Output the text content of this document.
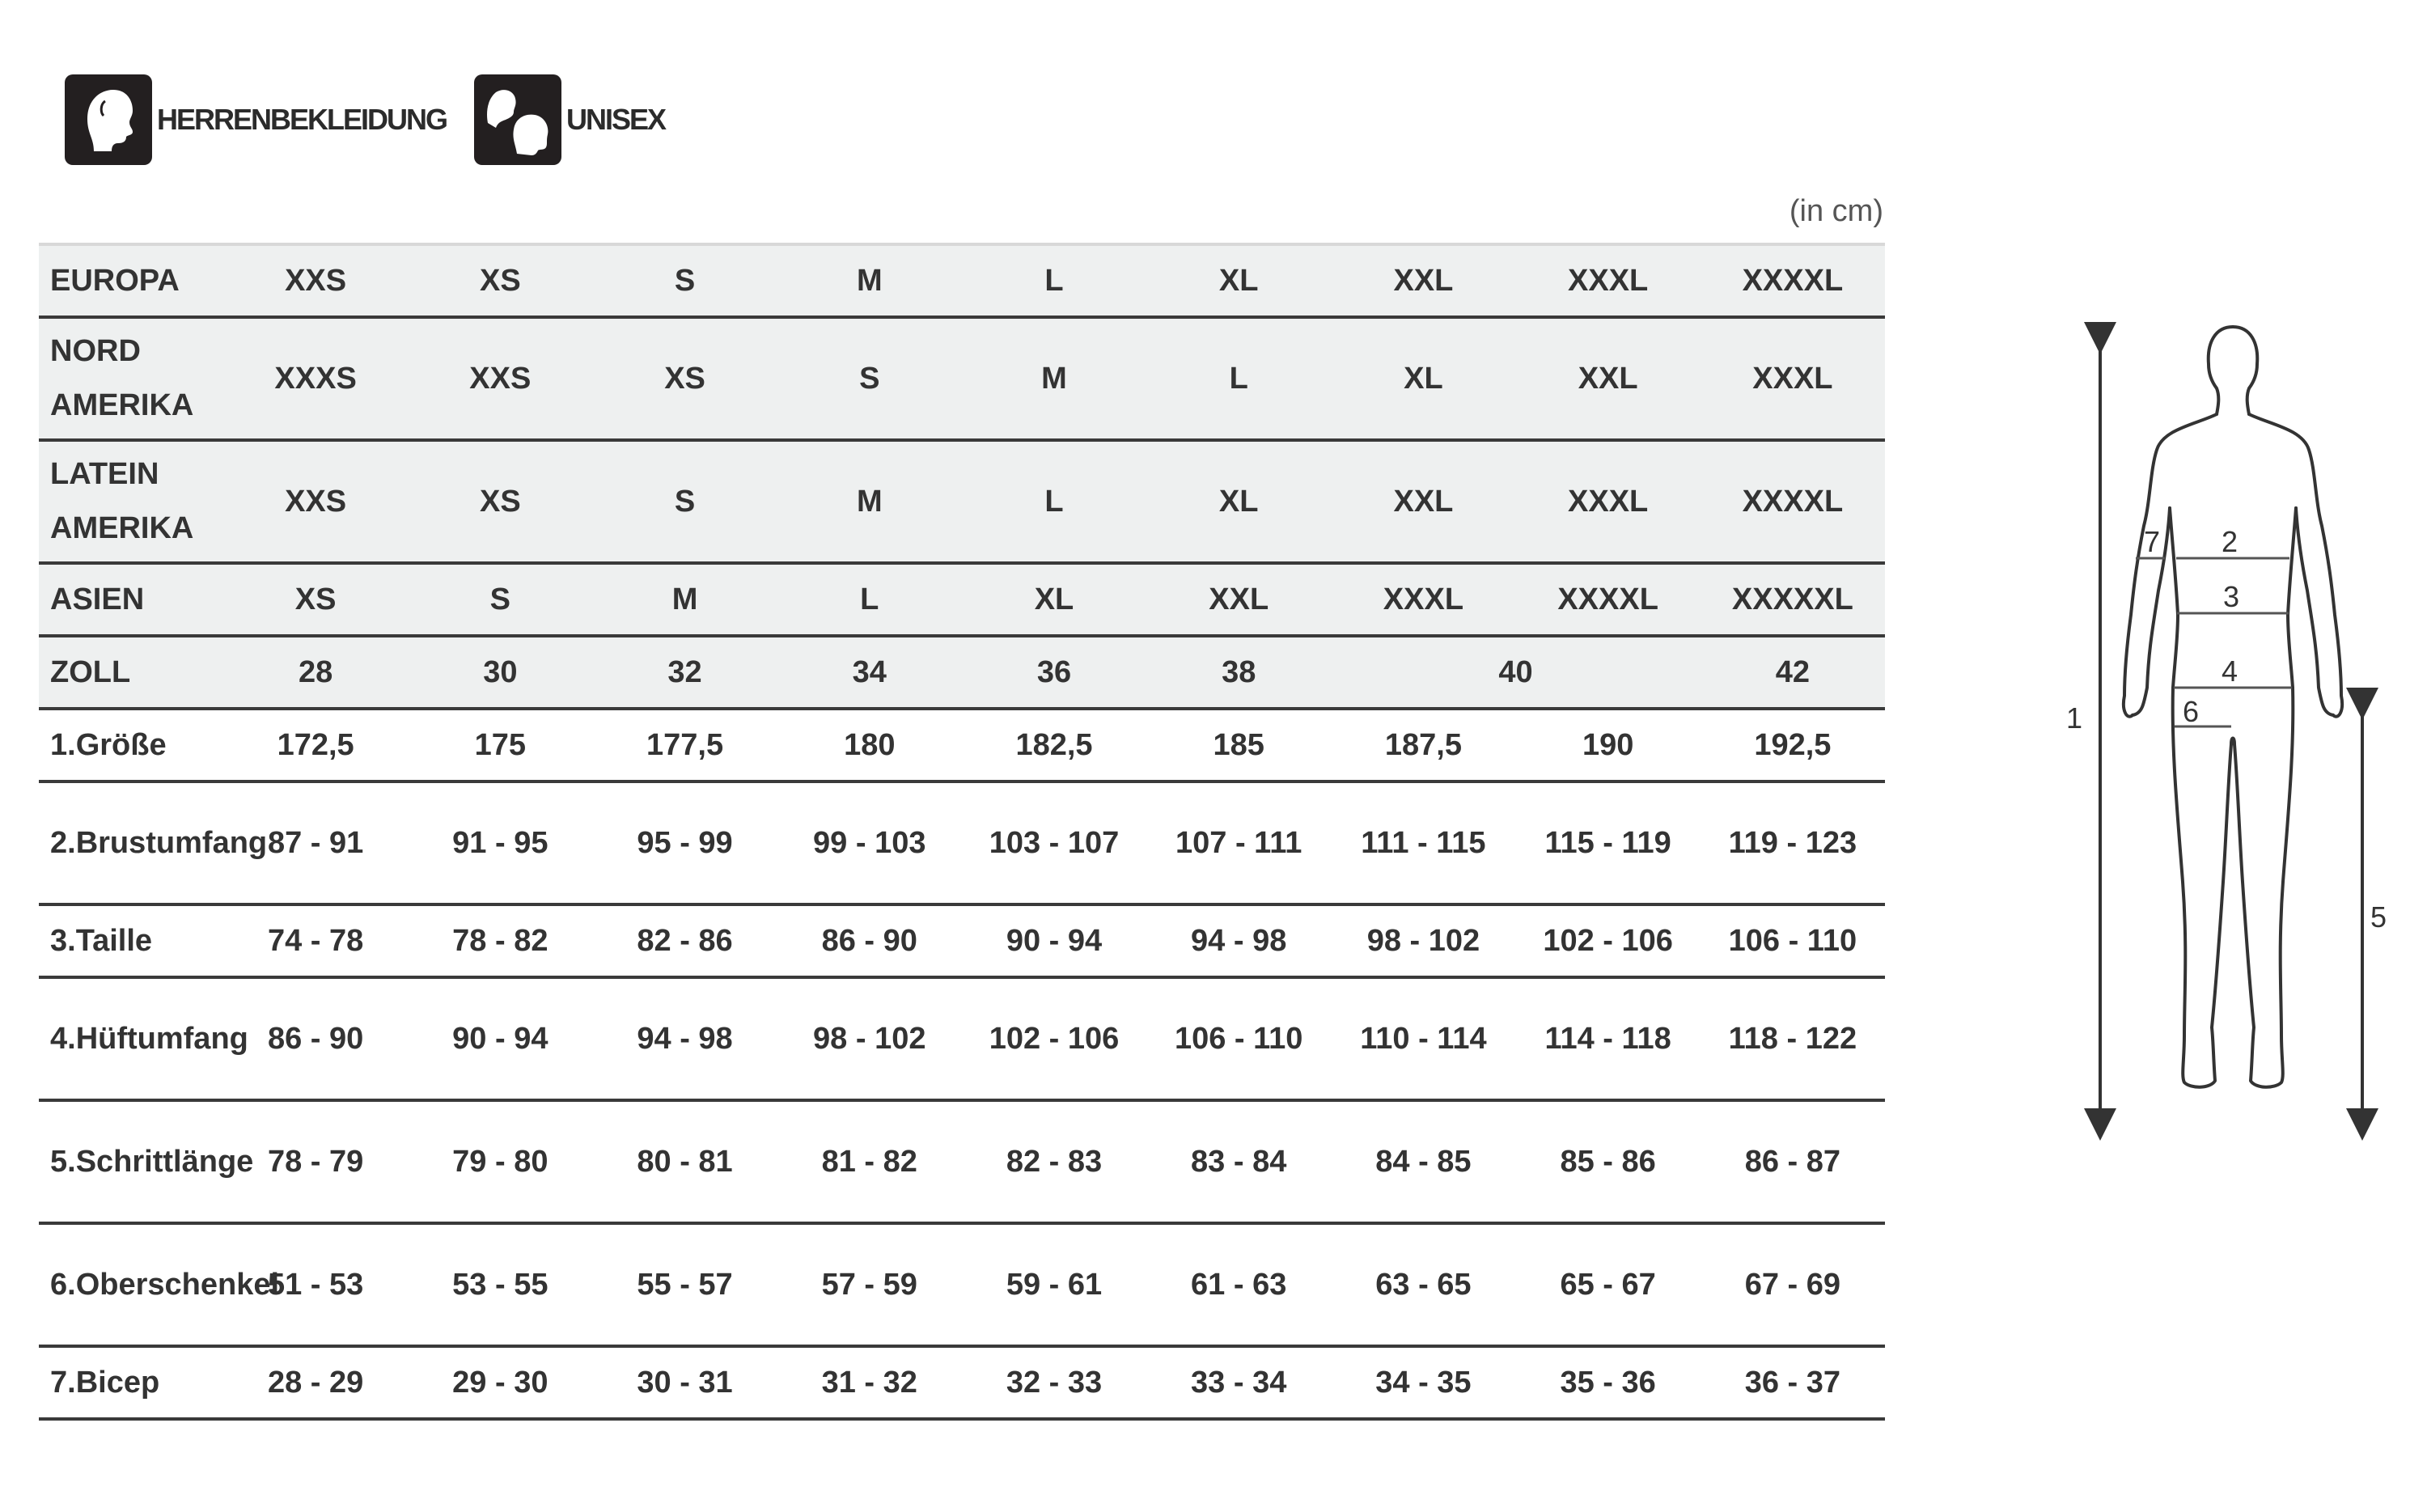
HERRENBEKLEIDUNG	UNISEX
(in cm)
EUROPA	XXS	XS	S	M	L	XL	XXL	XXXL	XXXXL
NORD AMERIKA	XXXS	XXS	XS	S	M	L	XL	XXL	XXXL
LATEIN AMERIKA	XXS	XS	S	M	L	XL	XXL	XXXL	XXXXL
ASIEN	XS	S	M	L	XL	XXL	XXXL	XXXXL	XXXXXL
ZOLL	28	30	32	34	36	38	40		42
1.Größe	172,5	175	177,5	180	182,5	185	187,5	190	192,5
2.Brustumfang	87 - 91	91 - 95	95 - 99	99 - 103	103 - 107	107 - 111	111 - 115	115 - 119	119 - 123
3.Taille	74 - 78	78 - 82	82 - 86	86 - 90	90 - 94	94 - 98	98 - 102	102 - 106	106 - 110
4.Hüftumfang	86 - 90	90 - 94	94 - 98	98 - 102	102 - 106	106 - 110	110 - 114	114 - 118	118 - 122
5.Schrittlänge	78 - 79	79 - 80	80 - 81	81 - 82	82 - 83	83 - 84	84 - 85	85 - 86	86 - 87
6.Oberschenkel	51 - 53	53 - 55	55 - 57	57 - 59	59 - 61	61 - 63	63 - 65	65 - 67	67 - 69
7.Bicep	28 - 29	29 - 30	30 - 31	31 - 32	32 - 33	33 - 34	34 - 35	35 - 36	36 - 37
1
2
3
4
5
6
7
